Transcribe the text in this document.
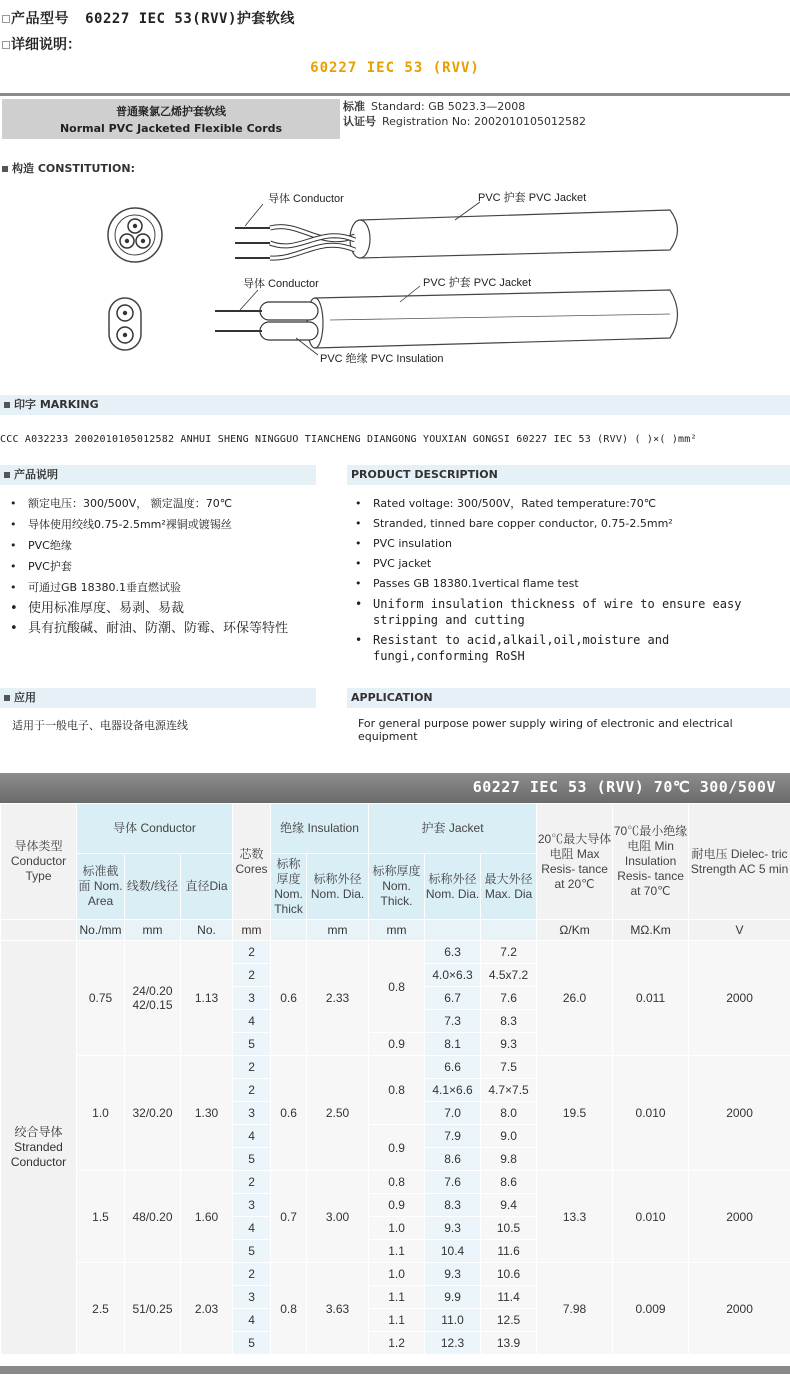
产品型号 60227 IEC 53(RVV)护套软线
详细说明：
60227 IEC 53 (RVV)
普通聚氯乙烯护套软线
Normal PVC Jacketed Flexible Cords
标准 Standard: GB 5023.3—2008
认证号 Registration No: 2002010105012582
构造 CONSTITUTION:
导体 Conductor	PVC 护套 PVC Jacket
导体 Conductor	PVC 护套 PVC Jacket
PVC 绝缘 PVC Insulation
印字 MARKING
CCC A032233 2002010105012582 ANHUI SHENG NINGGUO TIANCHENG DIANGONG YOUXIAN GONGSI 60227 IEC 53 (RVV) ( )×( )mm²
产品说明	PRODUCT DESCRIPTION
• 额定电压：300/500V， 额定温度：70℃
• 导体使用绞线0.75-2.5mm²裸铜或镀锡丝
• PVC绝缘
• PVC护套
• 可通过GB 18380.1垂直燃试验
• 使用标准厚度、易剥、易裁
• 具有抗酸碱、耐油、防潮、防霉、环保等特性
• Rated voltage: 300/500V，Rated temperature:70℃
• Stranded, tinned bare copper conductor, 0.75-2.5mm²
• PVC insulation
• PVC jacket
• Passes GB 18380.1vertical flame test
• Uniform insulation thickness of wire to ensure easy stripping and cutting
• Resistant to acid,alkail,oil,moisture and fungi,conforming RoSH
应用	APPLICATION
适用于一般电子、电器设备电源连线	For general purpose power supply wiring of electronic and electrical equipment
60227 IEC 53 (RVV) 70℃ 300/500V
导体类型 Conductor Type	导体 Conductor			芯数 Cores	绝缘 Insulation		护套 Jacket			20℃最大导体电阻 Max Resis- tance at 20℃	70℃最小绝缘电阻 Min Insulation Resis- tance at 70℃	耐电压 Dielec- tric Strength AC 5 min
	标准截面 Nom. Area	线数/线径	直径Dia		标称厚度 Nom. Thick	标称外径 Nom. Dia.	标称厚度 Nom. Thick.	标称外径 Nom. Dia.	最大外径 Max. Dia			
	No./mm	mm	No.	mm		mm	mm			Ω/Km	MΩ.Km	V
绞合导体 Stranded Conductor	0.75	24/0.20 42/0.15	1.13	2	0.6	2.33	0.8	6.3	7.2	26.0	0.011	2000
				2				4.0×6.3	4.5x7.2			
				3				6.7	7.6			
				4				7.3	8.3			
				5			0.9	8.1	9.3			
	1.0	32/0.20	1.30	2	0.6	2.50	0.8	6.6	7.5	19.5	0.010	2000
				2				4.1×6.6	4.7×7.5			
				3				7.0	8.0			
				4			0.9	7.9	9.0			
				5				8.6	9.8			
	1.5	48/0.20	1.60	2	0.7	3.00	0.8	7.6	8.6	13.3	0.010	2000
				3			0.9	8.3	9.4			
				4			1.0	9.3	10.5			
				5			1.1	10.4	11.6			
	2.5	51/0.25	2.03	2	0.8	3.63	1.0	9.3	10.6	7.98	0.009	2000
				3			1.1	9.9	11.4			
				4			1.1	11.0	12.5			
				5			1.2	12.3	13.9			
